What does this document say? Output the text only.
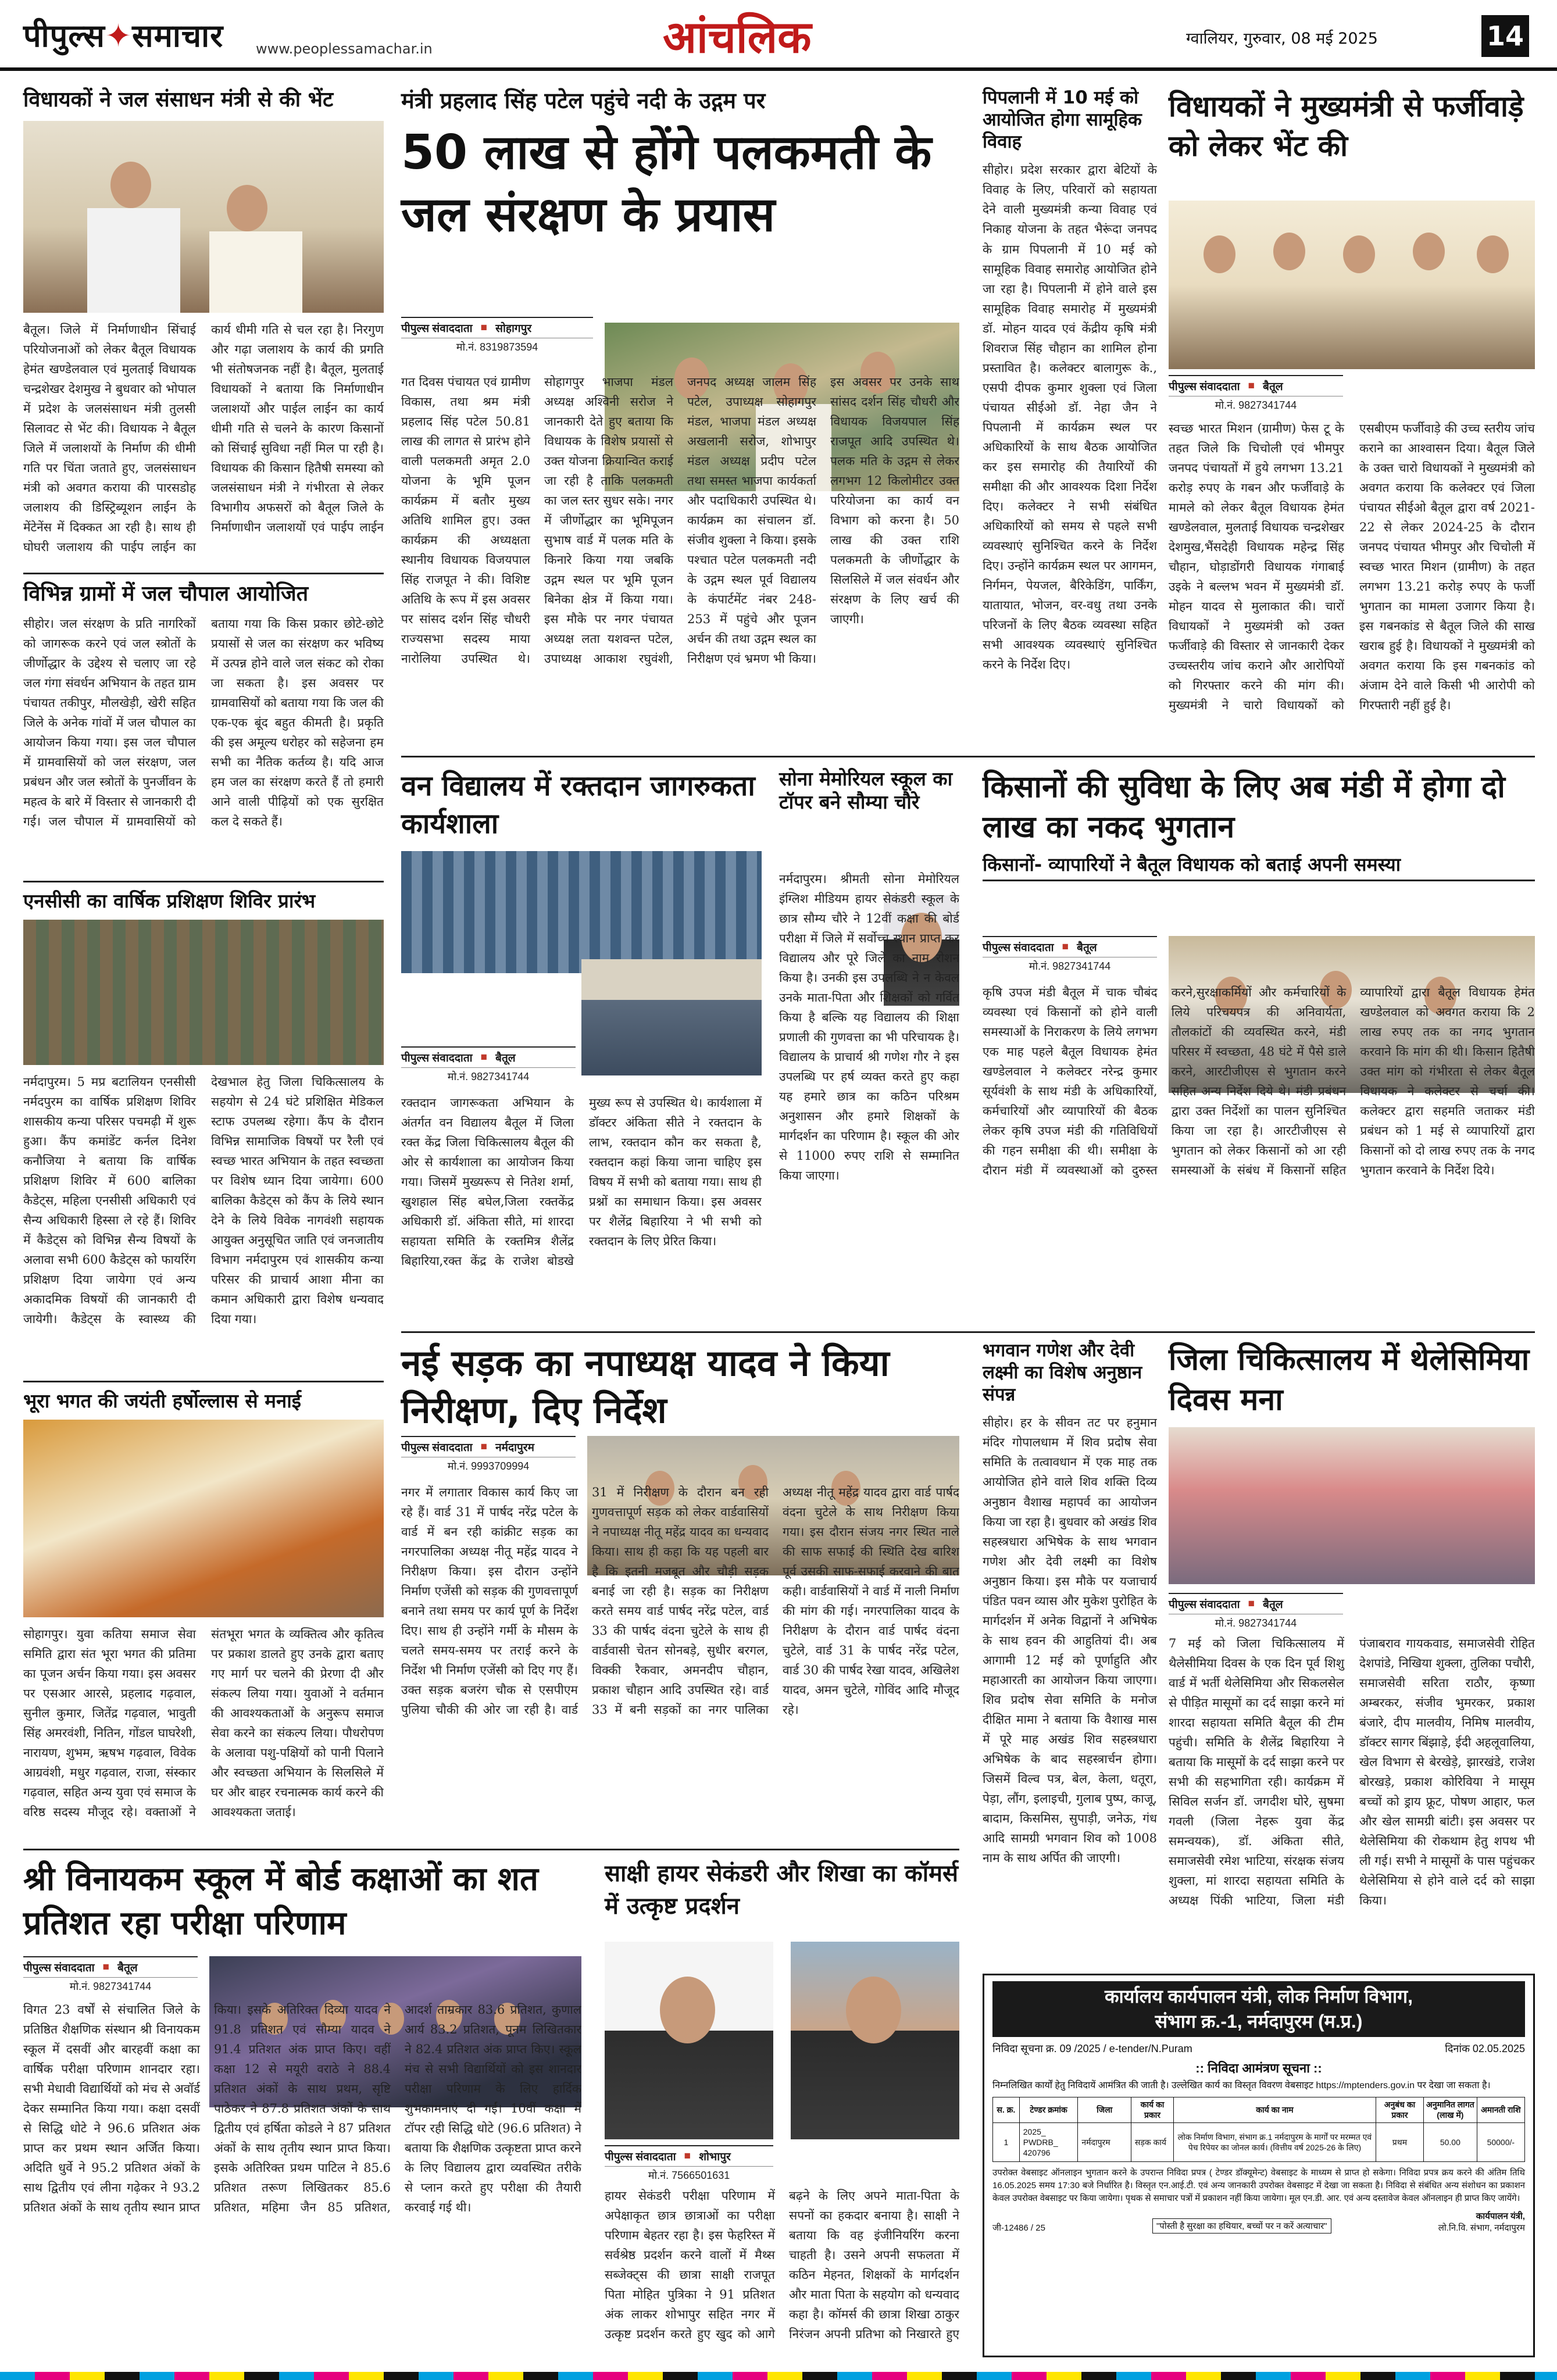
पीपुल्स✦समाचार www.peoplessamachar.in	आंचलिक	ग्वालियर, गुरुवार, 08 मई 2025	14
विधायकों ने जल संसाधन मंत्री से की भेंट
बैतूल। जिले में निर्माणाधीन सिंचाई परियोजनाओं को लेकर बैतूल विधायक हेमंत खण्डेलवाल एवं मुलताई विधायक चन्द्रशेखर देशमुख ने बुधवार को भोपाल में प्रदेश के जलसंसाधन मंत्री तुलसी सिलावट से भेंट की। विधायक ने बैतूल जिले में जलाशयों के निर्माण की धीमी गति पर चिंता जताते हुए, जलसंसाधन मंत्री को अवगत कराया की पारसडोह जलाशय की डिस्ट्रिब्यूशन लाईन के मेंटेनेंस में दिक्कत आ रही है। साथ ही घोघरी जलाशय की पाईप लाईन का कार्य धीमी गति से चल रहा है। निरगुण और गढ़ा जलाशय के कार्य की प्रगति भी संतोषजनक नहीं है। बैतूल, मुलताई विधायकों ने बताया कि निर्माणाधीन जलाशयों और पाईल लाईन का कार्य धीमी गति से चलने के कारण किसानों को सिंचाई सुविधा नहीं मिल पा रही है। विधायक की किसान हितैषी समस्या को जलसंसाधन मंत्री ने गंभीरता से लेकर विभागीय अफसरों को बैतूल जिले के निर्माणाधीन जलाशयों एवं पाईप लाईन
विभिन्न ग्रामों में जल चौपाल आयोजित
सीहोर। जल संरक्षण के प्रति नागरिकों को जागरूक करने एवं जल स्त्रोतों के जीर्णोद्धार के उद्देश्य से चलाए जा रहे जल गंगा संवर्धन अभियान के तहत ग्राम पंचायत तकीपुर, मौलखेड़ी, खेरी सहित जिले के अनेक गांवों में जल चौपाल का आयोजन किया गया। इस जल चौपाल में ग्रामवासियों को जल संरक्षण, जल प्रबंधन और जल स्त्रोतों के पुनर्जीवन के महत्व के बारे में विस्तार से जानकारी दी गई। जल चौपाल में ग्रामवासियों को बताया गया कि किस प्रकार छोटे-छोटे प्रयासों से जल का संरक्षण कर भविष्य में उत्पन्न होने वाले जल संकट को रोका जा सकता है। इस अवसर पर ग्रामवासियों को बताया गया कि जल की एक-एक बूंद बहुत कीमती है। प्रकृति की इस अमूल्य धरोहर को सहेजना हम सभी का नैतिक कर्तव्य है। यदि आज हम जल का संरक्षण करते हैं तो हमारी आने वाली पीढ़ियों को एक सुरक्षित कल दे सकते हैं।
एनसीसी का वार्षिक प्रशिक्षण शिविर प्रारंभ
नर्मदापुरम। 5 मप्र बटालियन एनसीसी नर्मदपुरम का वार्षिक प्रशिक्षण शिविर शासकीय कन्या परिसर पचमढ़ी में शुरू हुआ। कैंप कमांडेंट कर्नल दिनेश कनौजिया ने बताया कि वार्षिक प्रशिक्षण शिविर में 600 बालिका कैडेट्स, महिला एनसीसी अधिकारी एवं सैन्य अधिकारी हिस्सा ले रहे हैं। शिविर में कैडेट्स को विभिन्न सैन्य विषयों के अलावा सभी 600 कैडेट्स को फायरिंग प्रशिक्षण दिया जायेगा एवं अन्य अकादमिक विषयों की जानकारी दी जायेगी। कैडेट्स के स्वास्थ्य की देखभाल हेतु जिला चिकित्सालय के सहयोग से 24 घंटे प्रशिक्षित मेडिकल स्टाफ उपलब्ध रहेगा। कैंप के दौरान विभिन्न सामाजिक विषयों पर रैली एवं स्वच्छ भारत अभियान के तहत स्वच्छता पर विशेष ध्यान दिया जायेगा। 600 बालिका कैडेट्स को कैंप के लिये स्थान देने के लिये विवेक नागवंशी सहायक आयुक्त अनुसूचित जाति एवं जनजातीय विभाग नर्मदापुरम एवं शासकीय कन्या परिसर की प्राचार्य आशा मीना का कमान अधिकारी द्वारा विशेष धन्यवाद दिया गया।
भूरा भगत की जयंती हर्षोल्लास से मनाई
सोहागपुर। युवा कतिया समाज सेवा समिति द्वारा संत भूरा भगत की प्रतिमा का पूजन अर्चन किया गया। इस अवसर पर एसआर आरसे, प्रहलाद गढ़वाल, सुनील कुमार, जितेंद्र गढ़वाल, भावुती सिंह अमरवंशी, नितिन, गोंडल घाघरेशी, नारायण, शुभम, ऋषभ गढ़वाल, विवेक आग्रवंशी, मधुर गढ़वाल, राजा, संस्कार गढ़वाल, सहित अन्य युवा एवं समाज के वरिष्ठ सदस्य मौजूद रहे। वक्ताओं ने संतभूरा भगत के व्यक्तित्व और कृतित्व पर प्रकाश डालते हुए उनके द्वारा बताए गए मार्ग पर चलने की प्रेरणा दी और संकल्प लिया गया। युवाओं ने वर्तमान की आवश्यकताओं के अनुरूप समाज सेवा करने का संकल्प लिया। पौधरोपण के अलावा पशु-पक्षियों को पानी पिलाने और स्वच्छता अभियान के सिलसिले में घर और बाहर रचनात्मक कार्य करने की आवश्यकता जताई।
मंत्री प्रहलाद सिंह पटेल पहुंचे नदी के उद्गम पर
50 लाख से होंगे पलकमती के जल संरक्षण के प्रयास
पीपुल्स संवाददाता ■ सोहागपुर
मो.नं. 8319873594
गत दिवस पंचायत एवं ग्रामीण विकास, तथा श्रम मंत्री प्रहलाद सिंह पटेल 50.81 लाख की लागत से प्रारंभ होने वाली पलकमती अमृत 2.0 योजना के भूमि पूजन कार्यक्रम में बतौर मुख्य अतिथि शामिल हुए। उक्त कार्यक्रम की अध्यक्षता स्थानीय विधायक विजयपाल सिंह राजपूत ने की। विशिष्ट अतिथि के रूप में इस अवसर पर सांसद दर्शन सिंह चौधरी राज्यसभा सदस्य माया नारोलिया उपस्थित थे। सोहागपुर भाजपा मंडल अध्यक्ष अश्विनी सरोज ने जानकारी देते हुए बताया कि विधायक के विशेष प्रयासों से उक्त योजना क्रियान्वित कराई जा रही है ताकि पलकमती का जल स्तर सुधर सके। नगर में जीर्णोद्धार का भूमिपूजन सुभाष वार्ड में पलक मति के किनारे किया गया जबकि उद्गम स्थल पर भूमि पूजन बिनेका क्षेत्र में किया गया। इस मौके पर नगर पंचायत अध्यक्ष लता यशवन्त पटेल, उपाध्यक्ष आकाश रघुवंशी, जनपद अध्यक्ष जालम सिंह पटेल, उपाध्यक्ष सोहागपुर मंडल, भाजपा मंडल अध्यक्ष अखलानी सरोज, शोभापुर मंडल अध्यक्ष प्रदीप पटेल तथा समस्त भाजपा कार्यकर्ता और पदाधिकारी उपस्थित थे। कार्यक्रम का संचालन डॉ. संजीव शुक्ला ने किया। इसके पश्चात पटेल पलकमती नदी के उद्गम स्थल पूर्व विद्यालय के कंपार्टमेंट नंबर 248-253 में पहुंचे और पूजन अर्चन की तथा उद्गम स्थल का निरीक्षण एवं भ्रमण भी किया। इस अवसर पर उनके साथ सांसद दर्शन सिंह चौधरी और विधायक विजयपाल सिंह राजपूत आदि उपस्थित थे। पलक मति के उद्गम से लेकर लगभग 12 किलोमीटर उक्त परियोजना का कार्य वन विभाग को करना है। 50 लाख की उक्त राशि पलकमती के जीर्णोद्धार के सिलसिले में जल संवर्धन और संरक्षण के लिए खर्च की जाएगी।
पिपलानी में 10 मई को आयोजित होगा सामूहिक विवाह
सीहोर। प्रदेश सरकार द्वारा बेटियों के विवाह के लिए, परिवारों को सहायता देने वाली मुख्यमंत्री कन्या विवाह एवं निकाह योजना के तहत भैरूंदा जनपद के ग्राम पिपलानी में 10 मई को सामूहिक विवाह समारोह आयोजित होने जा रहा है। पिपलानी में होने वाले इस सामूहिक विवाह समारोह में मुख्यमंत्री डॉ. मोहन यादव एवं केंद्रीय कृषि मंत्री शिवराज सिंह चौहान का शामिल होना प्रस्तावित है। कलेक्टर बालागुरू के., एसपी दीपक कुमार शुक्ला एवं जिला पंचायत सीईओ डॉ. नेहा जैन ने पिपलानी में कार्यक्रम स्थल पर अधिकारियों के साथ बैठक आयोजित कर इस समारोह की तैयारियों की समीक्षा की और आवश्यक दिशा निर्देश दिए। कलेक्टर ने सभी संबंधित अधिकारियों को समय से पहले सभी व्यवस्थाएं सुनिश्चित करने के निर्देश दिए। उन्होंने कार्यक्रम स्थल पर आगमन, निर्गमन, पेयजल, बैरिकेडिंग, पार्किंग, यातायात, भोजन, वर-वधु तथा उनके परिजनों के लिए बैठक व्यवस्था सहित सभी आवश्यक व्यवस्थाएं सुनिश्चित करने के निर्देश दिए।
विधायकों ने मुख्यमंत्री से फर्जीवाड़े को लेकर भेंट की
पीपुल्स संवाददाता ■ बैतूल
मो.नं. 9827341744
स्वच्छ भारत मिशन (ग्रामीण) फेस टू के तहत जिले कि चिचोली एवं भीमपुर जनपद पंचायतों में हुये लगभग 13.21 करोड़ रुपए के गबन और फर्जीवाड़े के मामले को लेकर बैतूल विधायक हेमंत खण्डेलवाल, मुलताई विधायक चन्द्रशेखर देशमुख,भैंसदेही विधायक महेन्द्र सिंह चौहान, घोड़ाडोंगरी विधायक गंगाबाई उइके ने बल्लभ भवन में मुख्यमंत्री डॉ. मोहन यादव से मुलाकात की। चारों विधायकों ने मुख्यमंत्री को उक्त फर्जीवाड़े की विस्तार से जानकारी देकर उच्चस्तरीय जांच कराने और आरोपियों को गिरफ्तार करने की मांग की। मुख्यमंत्री ने चारो विधायकों को एसबीएम फर्जीवाड़े की उच्च स्तरीय जांच कराने का आश्वासन दिया। बैतूल जिले के उक्त चारो विधायकों ने मुख्यमंत्री को अवगत कराया कि कलेक्टर एवं जिला पंचायत सीईओ बैतूल द्वारा वर्ष 2021-22 से लेकर 2024-25 के दौरान जनपद पंचायत भीमपुर और चिचोली में स्वच्छ भारत मिशन (ग्रामीण) के तहत लगभग 13.21 करोड़ रुपए के फर्जी भुगतान का मामला उजागर किया है। इस गबनकांड से बैतूल जिले की साख खराब हुई है। विधायकों ने मुख्यमंत्री को अवगत कराया कि इस गबनकांड को अंजाम देने वाले किसी भी आरोपी को गिरफ्तारी नहीं हुई है।
वन विद्यालय में रक्तदान जागरुकता कार्यशाला
पीपुल्स संवाददाता ■ बैतूल
मो.नं. 9827341744
रक्तदान जागरूकता अभियान के अंतर्गत वन विद्यालय बैतूल में जिला रक्त केंद्र जिला चिकित्सालय बैतूल की ओर से कार्यशाला का आयोजन किया गया। जिसमें मुख्यरूप से नितेश शर्मा, खुशहाल सिंह बघेल,जिला रक्तकेंद्र अधिकारी डॉ. अंकिता सीते, मां शारदा सहायता समिति के रक्तमित्र शैलेंद्र बिहारिया,रक्त केंद्र के राजेश बोडखे मुख्य रूप से उपस्थित थे। कार्यशाला में डॉक्टर अंकिता सीते ने रक्तदान के लाभ, रक्तदान कौन कर सकता है, रक्तदान कहां किया जाना चाहिए इस विषय में सभी को बताया गया। साथ ही प्रश्नों का समाधान किया। इस अवसर पर शैलेंद्र बिहारिया ने भी सभी को रक्तदान के लिए प्रेरित किया।
सोना मेमोरियल स्कूल का टॉपर बने सौम्या चौरे
नर्मदापुरम। श्रीमती सोना मेमोरियल इंग्लिश मीडियम हायर सेकंडरी स्कूल के छात्र सौम्य चौरे ने 12वीं कक्षा की बोर्ड परीक्षा में जिले में सर्वोच्च स्थान प्राप्त कर विद्यालय और पूरे जिले का नाम रोशन किया है। उनकी इस उपलब्धि ने न केवल उनके माता-पिता और शिक्षकों को गर्वित किया है बल्कि यह विद्यालय की शिक्षा प्रणाली की गुणवत्ता का भी परिचायक है। विद्यालय के प्राचार्य श्री गणेश गौर ने इस उपलब्धि पर हर्ष व्यक्त करते हुए कहा यह हमारे छात्र का कठिन परिश्रम अनुशासन और हमारे शिक्षकों के मार्गदर्शन का परिणाम है। स्कूल की ओर से 11000 रुपए राशि से सम्मानित किया जाएगा।
किसानों की सुविधा के लिए अब मंडी में होगा दो लाख का नकद भुगतान
किसानों- व्यापारियों ने बैतूल विधायक को बताई अपनी समस्या
पीपुल्स संवाददाता ■ बैतूल
मो.नं. 9827341744
कृषि उपज मंडी बैतूल में चाक चौबंद व्यवस्था एवं किसानों को होने वाली समस्याओं के निराकरण के लिये लगभग एक माह पहले बैतूल विधायक हेमंत खण्डेलवाल ने कलेक्टर नरेन्द्र कुमार सूर्यवंशी के साथ मंडी के अधिकारियों, कर्मचारियों और व्यापारियों की बैठक लेकर कृषि उपज मंडी की गतिविधियों की गहन समीक्षा की थी। समीक्षा के दौरान मंडी में व्यवस्थाओं को दुरुस्त करने,सुरक्षाकर्मियों और कर्मचारियों के लिये परिचयपत्र की अनिवार्यता, तौलकांटों की व्यवस्थित करने, मंडी परिसर में स्वच्छता, 48 घंटे में पैसे डाले करने, आरटीजीएस से भुगतान करने सहित अन्य निर्देश दिये थे। मंडी प्रबंधन द्वारा उक्त निर्देशों का पालन सुनिश्चित किया जा रहा है। आरटीजीएस से भुगतान को लेकर किसानों को आ रही समस्याओं के संबंध में किसानों सहित व्यापारियों द्वारा बैतूल विधायक हेमंत खण्डेलवाल को अवगत कराया कि 2 लाख रुपए तक का नगद भुगतान करवाने कि मांग की थी। किसान हितैषी उक्त मांग को गंभीरता से लेकर बैतूल विधायक ने कलेक्टर से चर्चा की। कलेक्टर द्वारा सहमति जताकर मंडी प्रबंधन को 1 मई से व्यापारियों द्वारा किसानों को दो लाख रुपए तक के नगद भुगतान करवाने के निर्देश दिये।
नई सड़क का नपाध्यक्ष यादव ने किया निरीक्षण, दिए निर्देश
पीपुल्स संवाददाता ■ नर्मदापुरम
मो.नं. 9993709994
नगर में लगातार विकास कार्य किए जा रहे हैं। वार्ड 31 में पार्षद नरेंद्र पटेल के वार्ड में बन रही कांक्रीट सड़क का नगरपालिका अध्यक्ष नीतू महेंद्र यादव ने निरीक्षण किया। इस दौरान उन्होंने निर्माण एजेंसी को सड़क की गुणवत्तापूर्ण बनाने तथा समय पर कार्य पूर्ण के निर्देश दिए। साथ ही उन्होंने गर्मी के मौसम के चलते समय-समय पर तराई करने के निर्देश भी निर्माण एजेंसी को दिए गए हैं। उक्त सड़क बजरंग चौक से एसपीएम पुलिया चौकी की ओर जा रही है। वार्ड 31 में निरीक्षण के दौरान बन रही गुणवत्तापूर्ण सड़क को लेकर वार्डवासियों ने नपाध्यक्ष नीतू महेंद्र यादव का धन्यवाद किया। साथ ही कहा कि यह पहली बार है कि इतनी मजबूत और चौड़ी सड़क बनाई जा रही है। सड़क का निरीक्षण करते समय वार्ड पार्षद नरेंद्र पटेल, वार्ड 33 की पार्षद वंदना चुटेले के साथ ही वार्डवासी चेतन सोनबड़े, सुधीर बरगल, विक्की रैकवार, अमनदीप चौहान, प्रकाश चौहान आदि उपस्थित रहे। वार्ड 33 में बनी सड़कों का नगर पालिका अध्यक्ष नीतू महेंद्र यादव द्वारा वार्ड पार्षद वंदना चुटेले के साथ निरीक्षण किया गया। इस दौरान संजय नगर स्थित नाले की साफ सफाई की स्थिति देख बारिश पूर्व उसकी साफ-सफाई करवाने की बात कही। वार्डवासियों ने वार्ड में नाली निर्माण की मांग की गई। नगरपालिका यादव के निरीक्षण के दौरान वार्ड पार्षद वंदना चुटेले, वार्ड 31 के पार्षद नरेंद्र पटेल, वार्ड 30 की पार्षद रेखा यादव, अखिलेश यादव, अमन चुटेले, गोविंद आदि मौजूद रहे।
भगवान गणेश और देवी लक्ष्मी का विशेष अनुष्ठान संपन्न
सीहोर। हर के सीवन तट पर हनुमान मंदिर गोपालधाम में शिव प्रदोष सेवा समिति के तत्वावधान में एक माह तक आयोजित होने वाले शिव शक्ति दिव्य अनुष्ठान वैशाख महापर्व का आयोजन किया जा रहा है। बुधवार को अखंड शिव सहस्त्रधारा अभिषेक के साथ भगवान गणेश और देवी लक्ष्मी का विशेष अनुष्ठान किया। इस मौके पर यजाचार्य पंडित पवन व्यास और मुकेश पुरोहित के मार्गदर्शन में अनेक विद्वानों ने अभिषेक के साथ हवन की आहुतियां दी। अब आगामी 12 मई को पूर्णाहुति और महाआरती का आयोजन किया जाएगा। शिव प्रदोष सेवा समिति के मनोज दीक्षित मामा ने बताया कि वैशाख मास में पूरे माह अखंड शिव सहस्त्रधारा अभिषेक के बाद सहस्त्रार्चन होगा। जिसमें विल्व पत्र, बेल, केला, धतूरा, पेड़ा, लौंग, इलाइची, गुलाब पुष्प, काजू, बादाम, किसमिस, सुपाड़ी, जनेऊ, गंध आदि सामग्री भगवान शिव को 1008 नाम के साथ अर्पित की जाएगी।
जिला चिकित्सालय में थेलेसिमिया दिवस मना
पीपुल्स संवाददाता ■ बैतूल
मो.नं. 9827341744
7 मई को जिला चिकित्सालय में थैलेसीमिया दिवस के एक दिन पूर्व शिशु वार्ड में भर्ती थेलेसिमिया और सिकलसेल से पीड़ित मासूमों का दर्द साझा करने मां शारदा सहायता समिति बैतूल की टीम पहुंची। समिति के शैलेंद्र बिहारिया ने बताया कि मासूमों के दर्द साझा करने पर सभी की सहभागिता रही। कार्यक्रम में सिविल सर्जन डॉ. जगदीश घोरे, सुषमा गवली (जिला नेहरू युवा केंद्र समन्वयक), डॉ. अंकिता सीते, समाजसेवी रमेश भाटिया, संरक्षक संजय शुक्ला, मां शारदा सहायता समिति के अध्यक्ष पिंकी भाटिया, जिला मंडी पंजाबराव गायकवाड, समाजसेवी रोहित देशपांडे, निखिया शुक्ला, तुलिका पचौरी, समाजसेवी सरिता राठौर, कृष्णा अम्बरकर, संजीव भुमरकर, प्रकाश बंजारे, दीप मालवीय, निमिष मालवीय, डॉक्टर सागर बिंझाड़े, ईदी अहलूवालिया, खेल विभाग से बेरखेड़े, झारखंडे, राजेश बोरखड़े, प्रकाश कोरिविया ने मासूम बच्चों को ड्राय फ्रूट, पोषण आहार, फल और खेल सामग्री बांटी। इस अवसर पर थेलेसिमिया की रोकथाम हेतु शपथ भी ली गई। सभी ने मासूमों के पास पहुंचकर थेलेसिमिया से होने वाले दर्द को साझा किया।
श्री विनायकम स्कूल में बोर्ड कक्षाओं का शत प्रतिशत रहा परीक्षा परिणाम
पीपुल्स संवाददाता ■ बैतूल
मो.नं. 9827341744
विगत 23 वर्षों से संचालित जिले के प्रतिष्ठित शैक्षणिक संस्थान श्री विनायकम स्कूल में दसवीं और बारहवीं कक्षा का वार्षिक परीक्षा परिणाम शानदार रहा। सभी मेधावी विद्यार्थियों को मंच से अवॉर्ड देकर सम्मानित किया गया। कक्षा दसवीं से सिद्धि धोटे ने 96.6 प्रतिशत अंक प्राप्त कर प्रथम स्थान अर्जित किया। अदिति धुर्वे ने 95.2 प्रतिशत अंकों के साथ द्वितीय एवं लीना गढ़ेकर ने 93.2 प्रतिशत अंकों के साथ तृतीय स्थान प्राप्त किया। इसके अतिरिक्त दिव्या यादव ने 91.8 प्रतिशत एवं सौम्या यादव ने 91.4 प्रतिशत अंक प्राप्त किए। वहीं कक्षा 12 से मयूरी वराठे ने 88.4 प्रतिशत अंकों के साथ प्रथम, सृष्टि पाठेकर ने 87.8 प्रतिशत अंकों के साथ द्वितीय एवं हर्षिता कोडले ने 87 प्रतिशत अंकों के साथ तृतीय स्थान प्राप्त किया। इसके अतिरिक्त प्रथम पाटिल ने 85.6 प्रतिशत तरूण लिखितकर 85.6 प्रतिशत, महिमा जैन 85 प्रतिशत, आदर्श ताम्रकार 83.6 प्रतिशत, कुणाल आर्य 83.2 प्रतिशत, पूनम लिखितकार ने 82.4 प्रतिशत अंक प्राप्त किए। स्कूल मंच से सभी विद्यार्थियों को इस शानदार परीक्षा परिणाम के लिए हार्दिक शुभकामनाएं दी गईं। 10वीं कक्षा में टॉपर रही सिद्धि धोटे (96.6 प्रतिशत) ने बताया कि शैक्षणिक उत्कृष्टता प्राप्त करने के लिए विद्यालय द्वारा व्यवस्थित तरीके से प्लान करते हुए परीक्षा की तैयारी करवाई गई थी।
साक्षी हायर सेकंडरी और शिखा का कॉमर्स में उत्कृष्ट प्रदर्शन
पीपुल्स संवाददाता ■ शोभापुर
मो.नं. 7566501631
हायर सेकंडरी परीक्षा परिणाम में अपेक्षाकृत छात्र छात्राओं का परीक्षा परिणाम बेहतर रहा है। इस फेहरिस्त में सर्वश्रेष्ठ प्रदर्शन करने वालों में मैथ्स सब्जेक्ट्स की छात्रा साक्षी राजपूत पिता मोहित पुत्रिका ने 91 प्रतिशत अंक लाकर शोभापुर सहित नगर में उत्कृष्ट प्रदर्शन करते हुए खुद को आगे बढ़ने के लिए अपने माता-पिता के सपनों का हकदार बनाया है। साक्षी ने बताया कि वह इंजीनियरिंग करना चाहती है। उसने अपनी सफलता में कठिन मेहनत, शिक्षकों के मार्गदर्शन और माता पिता के सहयोग को धन्यवाद कहा है। कॉमर्स की छात्रा शिखा ठाकुर निरंजन अपनी प्रतिभा को निखारते हुए
कार्यालय कार्यपालन यंत्री, लोक निर्माण विभाग,
संभाग क्र.-1, नर्मदापुरम (म.प्र.)
निविदा सूचना क्र. 09 /2025 / e-tender/N.Puram	दिनांक 02.05.2025
:: निविदा आमंत्रण सूचना ::
निम्नलिखित कार्यों हेतु निविदायें आमंत्रित की जाती है। उल्लेखित कार्य का विस्तृत विवरण वेबसाइट https://mptenders.gov.in पर देखा जा सकता है।
स. क्र.	टेण्डर क्रमांक	जिला	कार्य का प्रकार	कार्य का नाम	अनुबंध का प्रकार	अनुमानित लागत (लाख में)	अमानती राशि
1	2025_ PWDRB_ 420796	नर्मदापुरम	सड़क कार्य	लोक निर्माण विभाग, संभाग क्र.1 नर्मदापुरम के मार्गों पर मरम्मत एवं पेच रिपेयर का जोनल कार्य। (वित्तीय वर्ष 2025-26 के लिए)	प्रथम	50.00	50000/-
उपरोक्त वेबसाइट ऑनलाइन भुगतान करने के उपरान्त निविदा प्रपत्र ( टेण्डर डॉक्यूमेन्ट) वेबसाइट के माध्यम से प्राप्त हो सकेगा। निविदा प्रपत्र क्रय करने की अंतिम तिथि 16.05.2025 समय 17:30 बजे निर्धारित है। विस्तृत एन.आई.टी. एवं अन्य जानकारी उपरोक्त वेबसाइट में देखा जा सकता है। निविदा से संबंधित अन्य संशोधन का प्रकाशन केवल उपरोक्त वेबसाइट पर किया जायेगा। पृथक से समाचार पत्रों में प्रकाशन नहीं किया जायेगा। मूल एन.डी. आर. एवं अन्य दस्तावेज केवल ऑनलाइन ही प्राप्त किए जायेंगे।
जी-12486 / 25	"पोस्ती है सुरक्षा का हथियार, बच्चों पर न करें अत्याचार"
कार्यपालन यंत्री,
लो.नि.वि. संभाग, नर्मदापुरम
